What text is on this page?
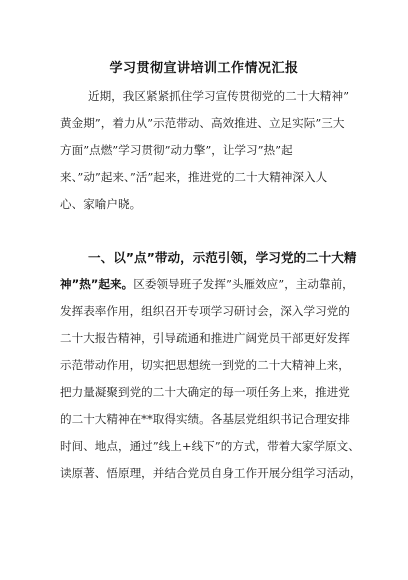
学习贯彻宣讲培训工作情况汇报
近期，我区紧紧抓住学习宣传贯彻党的二十大精神”
黄金期”，着力从”示范带动、高效推进、立足实际”三大
方面”点燃”学习贯彻”动力擎”，让学习”热”起
来、”动”起来、”活”起来，推进党的二十大精神深入人
心、家喻户晓。
一、以”点”带动，示范引领，学习党的二十大精
神”热”起来。区委领导班子发挥”头雁效应”，主动靠前，
发挥表率作用，组织召开专项学习研讨会，深入学习党的
二十大报告精神，引导疏通和推进广阔党员干部更好发挥
示范带动作用，切实把思想统一到党的二十大精神上来，
把力量凝聚到党的二十大确定的每一项任务上来，推进党
的二十大精神在**取得实绩。各基层党组织书记合理安排
时间、地点，通过”线上+线下”的方式，带着大家学原文、
读原著、悟原理，并结合党员自身工作开展分组学习活动，
